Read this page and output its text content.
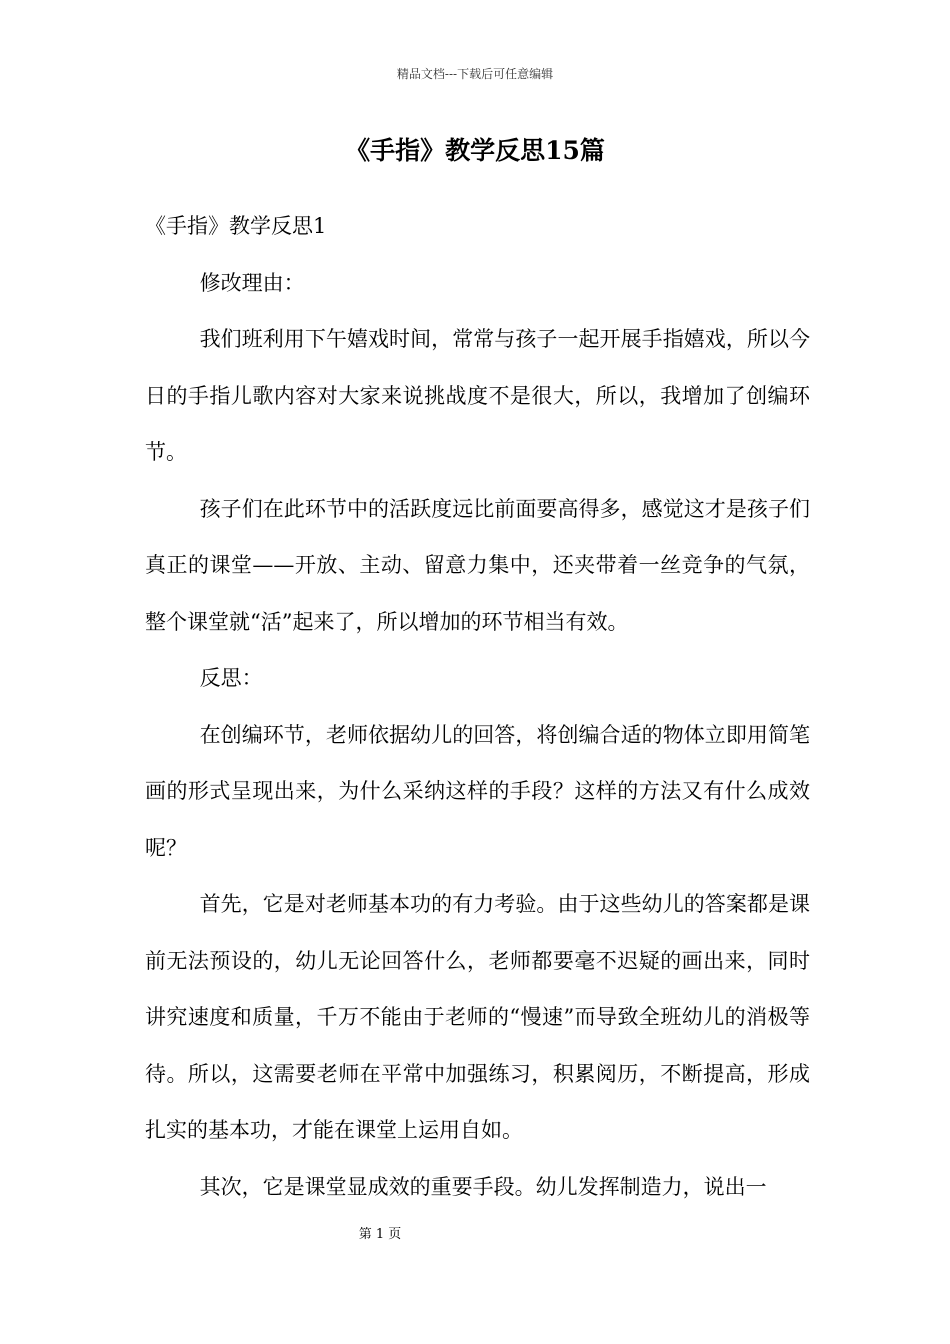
精品文档---下载后可任意编辑
《手指》教学反思15篇

《手指》教学反思1

修改理由：

我们班利用下午嬉戏时间，常常与孩子一起开展手指嬉戏，所以今日的手指儿歌内容对大家来说挑战度不是很大，所以，我增加了创编环节。

孩子们在此环节中的活跃度远比前面要高得多，感觉这才是孩子们真正的课堂——开放、主动、留意力集中，还夹带着一丝竞争的气氛，整个课堂就“活”起来了，所以增加的环节相当有效。

反思：

在创编环节，老师依据幼儿的回答，将创编合适的物体立即用简笔画的形式呈现出来，为什么采纳这样的手段？这样的方法又有什么成效呢？

首先，它是对老师基本功的有力考验。由于这些幼儿的答案都是课前无法预设的，幼儿无论回答什么，老师都要毫不迟疑的画出来，同时讲究速度和质量，千万不能由于老师的“慢速”而导致全班幼儿的消极等待。所以，这需要老师在平常中加强练习，积累阅历，不断提高，形成扎实的基本功，才能在课堂上运用自如。

其次，它是课堂显成效的重要手段。幼儿发挥制造力，说出一

第 1 页
